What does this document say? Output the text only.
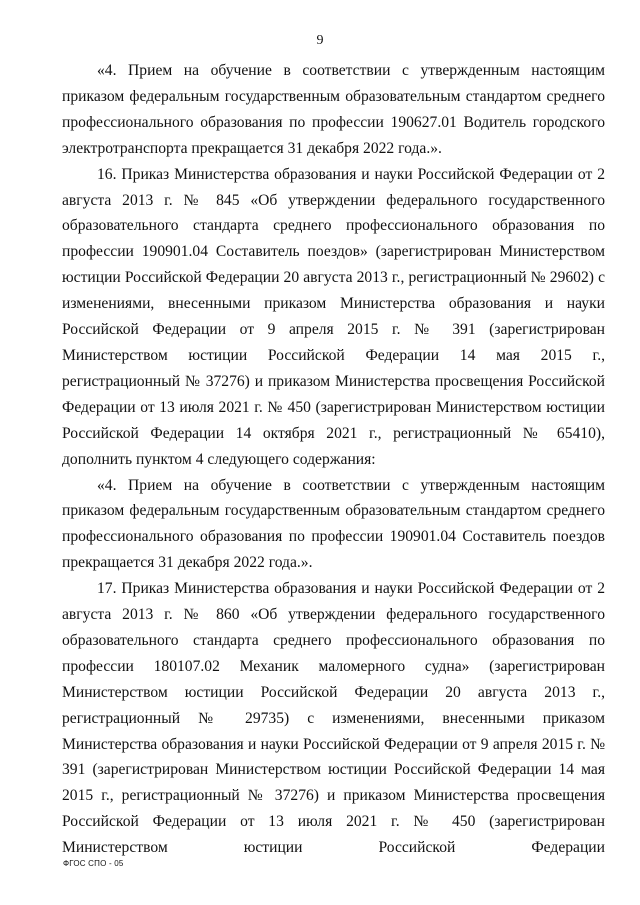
9

«4. Прием на обучение в соответствии с утвержденным настоящим приказом федеральным государственным образовательным стандартом среднего профессионального образования по профессии 190627.01 Водитель городского электротранспорта прекращается 31 декабря 2022 года.».

16. Приказ Министерства образования и науки Российской Федерации от 2 августа 2013 г. № 845 «Об утверждении федерального государственного образовательного стандарта среднего профессионального образования по профессии 190901.04 Составитель поездов» (зарегистрирован Министерством юстиции Российской Федерации 20 августа 2013 г., регистрационный № 29602) с изменениями, внесенными приказом Министерства образования и науки Российской Федерации от 9 апреля 2015 г. № 391 (зарегистрирован Министерством юстиции Российской Федерации 14 мая 2015 г., регистрационный № 37276) и приказом Министерства просвещения Российской Федерации от 13 июля 2021 г. № 450 (зарегистрирован Министерством юстиции Российской Федерации 14 октября 2021 г., регистрационный № 65410), дополнить пунктом 4 следующего содержания:

«4. Прием на обучение в соответствии с утвержденным настоящим приказом федеральным государственным образовательным стандартом среднего профессионального образования по профессии 190901.04 Составитель поездов прекращается 31 декабря 2022 года.».

17. Приказ Министерства образования и науки Российской Федерации от 2 августа 2013 г. № 860 «Об утверждении федерального государственного образовательного стандарта среднего профессионального образования по профессии 180107.02 Механик маломерного судна» (зарегистрирован Министерством юстиции Российской Федерации 20 августа 2013 г., регистрационный № 29735) с изменениями, внесенными приказом Министерства образования и науки Российской Федерации от 9 апреля 2015 г. № 391 (зарегистрирован Министерством юстиции Российской Федерации 14 мая 2015 г., регистрационный № 37276) и приказом Министерства просвещения Российской Федерации от 13 июля 2021 г. № 450 (зарегистрирован Министерством юстиции Российской Федерации

ФГОС СПО - 05
